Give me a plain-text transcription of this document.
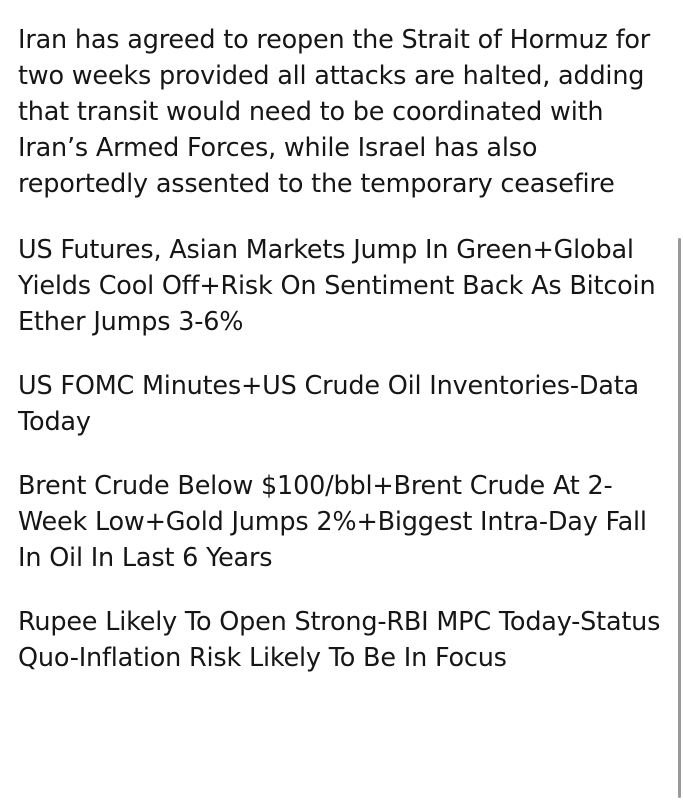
Iran has agreed to reopen the Strait of Hormuz for two weeks provided all attacks are halted, adding that transit would need to be coordinated with Iran’s Armed Forces, while Israel has also reportedly assented to the temporary ceasefire

US Futures, Asian Markets Jump In Green+Global Yields Cool Off+Risk On Sentiment Back As Bitcoin Ether Jumps 3-6%

US FOMC Minutes+US Crude Oil Inventories-Data Today

Brent Crude Below $100/bbl+Brent Crude At 2-Week Low+Gold Jumps 2%+Biggest Intra-Day Fall In Oil In Last 6 Years

Rupee Likely To Open Strong-RBI MPC Today-Status Quo-Inflation Risk Likely To Be In Focus
